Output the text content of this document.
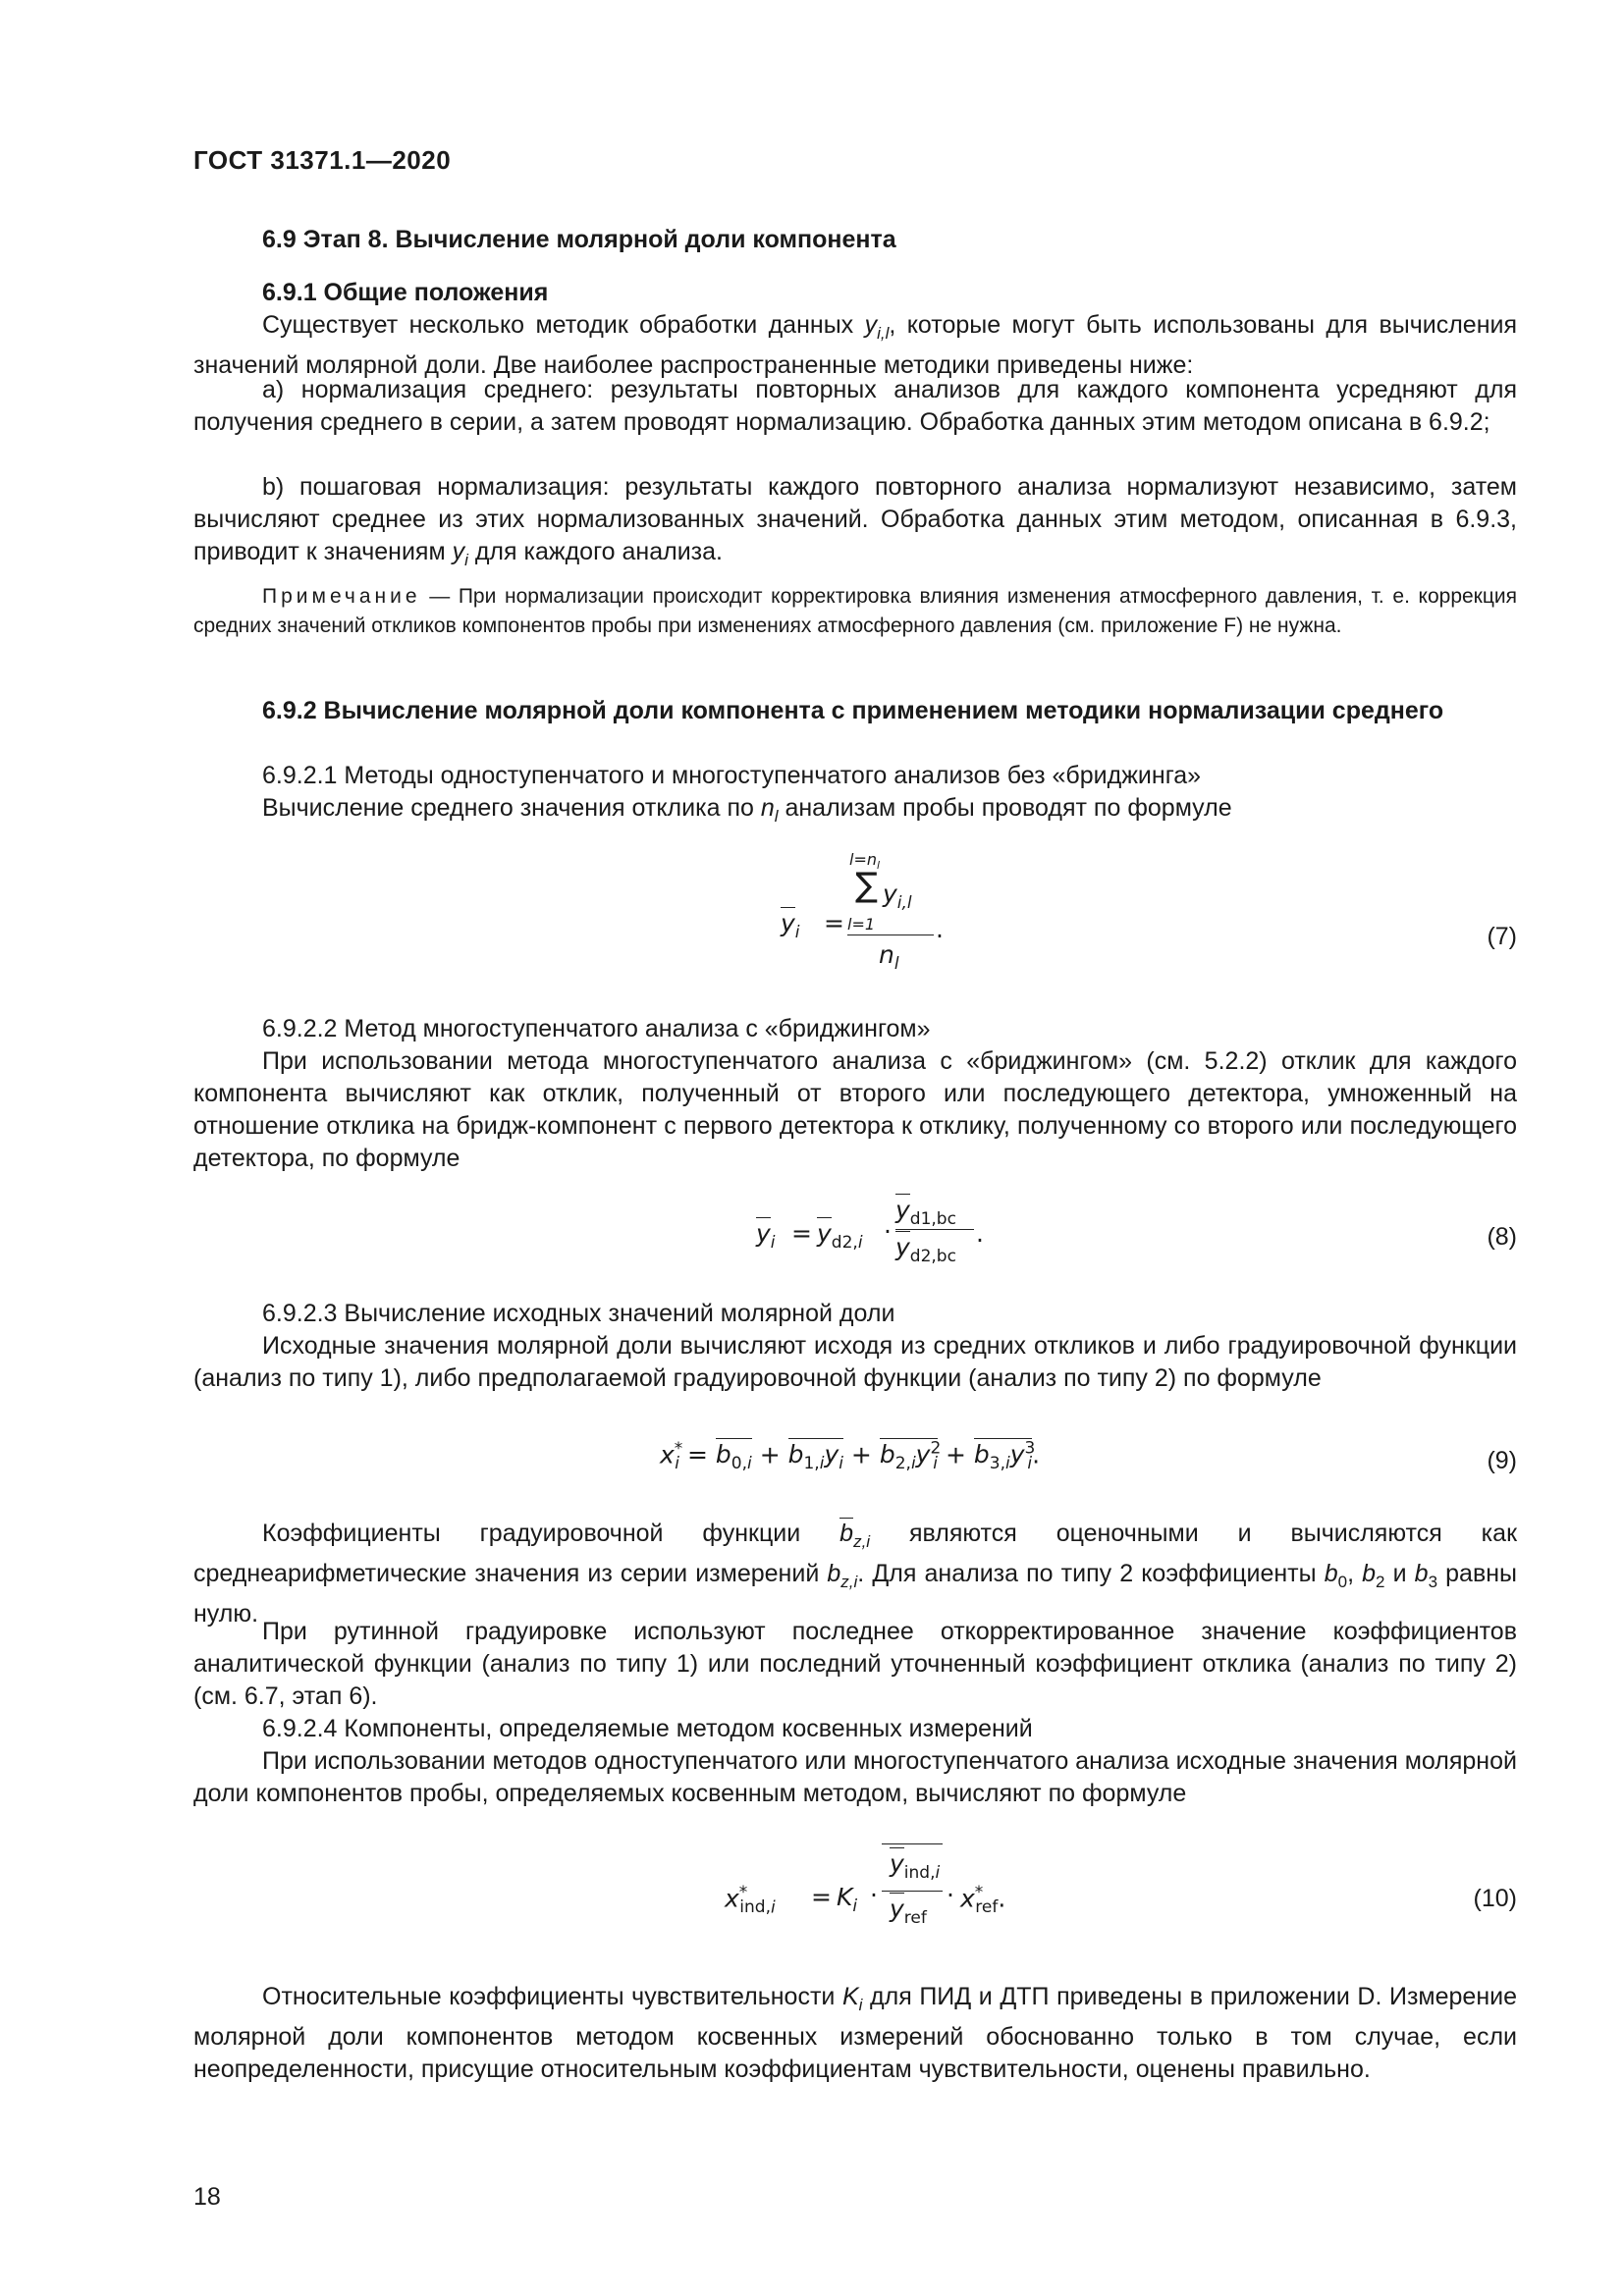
ГОСТ 31371.1—2020

6.9 Этап 8. Вычисление молярной доли компонента

6.9.1 Общие положения

Существует несколько методик обработки данных $y_{i,l}$, которые могут быть использованы для вычисления значений молярной доли. Две наиболее распространенные методики приведены ниже:

a) нормализация среднего: результаты повторных анализов для каждого компонента усредняют для получения среднего в серии, а затем проводят нормализацию. Обработка данных этим методом описана в 6.9.2;

b) пошаговая нормализация: результаты каждого повторного анализа нормализуют независимо, затем вычисляют среднее из этих нормализованных значений. Обработка данных этим методом, описанная в 6.9.3, приводит к значениям $y_i$ для каждого анализа.

Примечание — При нормализации происходит корректировка влияния изменения атмосферного давления, т. е. коррекция средних значений откликов компонентов пробы при изменениях атмосферного давления (см. приложение F) не нужна.

6.9.2 Вычисление молярной доли компонента с применением методики нормализации среднего

6.9.2.1 Методы одноступенчатого и многоступенчатого анализов без «бриджинга»

Вычисление среднего значения отклика по $n_l$ анализам пробы проводят по формуле

$y_i$ =
$l=n_l$
∑ $y_{i,l}$
l=1 .
$n_l$
(7)

6.9.2.2 Метод многоступенчатого анализа с «бриджингом»

При использовании метода многоступенчатого анализа с «бриджингом» (см. 5.2.2) отклик для каждого компонента вычисляют как отклик, полученный от второго или последующего детектора, умноженный на отношение отклика на бридж-компонент с первого детектора к отклику, полученному со второго или последующего детектора, по формуле

$y_i = y_{d2,i}$ ·
$y_{d1,bc}$
$y_{d2,bc}$
.	(8)

6.9.2.3 Вычисление исходных значений молярной доли

Исходные значения молярной доли вычисляют исходя из средних откликов и либо градуировочной функции (анализ по типу 1), либо предполагаемой градуировочной функции (анализ по типу 2) по формуле

$x^*_i = b_{0,i} + b_{1,i}y_i + b_{2,i}y^2_i + b_{3,i}y^3_i$.	(9)

Коэффициенты градуировочной функции $b_{z,i}$ являются оценочными и вычисляются как среднеарифметические значения из серии измерений $b_{z,i}$. Для анализа по типу 2 коэффициенты $b_0$, $b_2$ и $b_3$ равны нулю.

При рутинной градуировке используют последнее откорректированное значение коэффициентов аналитической функции (анализ по типу 1) или последний уточненный коэффициент отклика (анализ по типу 2) (см. 6.7, этап 6).

6.9.2.4 Компоненты, определяемые методом косвенных измерений

При использовании методов одноступенчатого или многоступенчатого анализа исходные значения молярной доли компонентов пробы, определяемых косвенным методом, вычисляют по формуле

$x^*_{ind,i} = K_i$ ·
$y_{ind,i}$
$y_{ref}$
· $x^*_{ref}$.	(10)

Относительные коэффициенты чувствительности $K_i$ для ПИД и ДТП приведены в приложении D. Измерение молярной доли компонентов методом косвенных измерений обоснованно только в том случае, если неопределенности, присущие относительным коэффициентам чувствительности, оценены правильно.

18
